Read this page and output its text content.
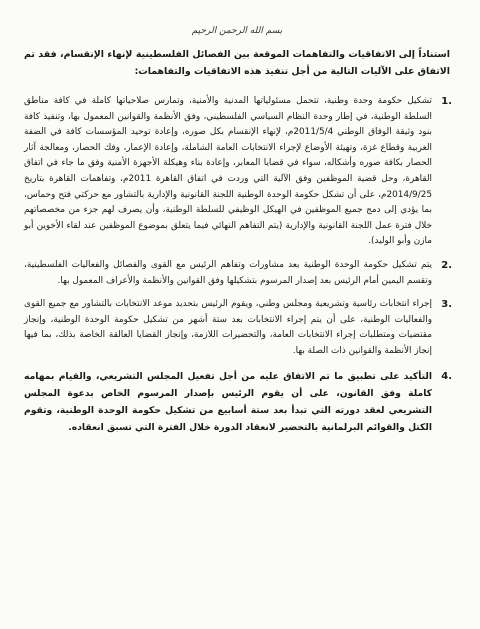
بسم الله الرحمن الرحيم

استناداً إلى الاتفاقيات والتفاهمات الموقعة بين الفصائل الفلسطينية لإنهاء الإنقسام، فقد تم الاتفاق على الآليات التالية من أجل تنفيذ هذه الاتفاقيات والتفاهمات:

1.
تشكيل حكومة وحدة وطنية، تتحمل مسئولياتها المدنية والأمنية، وتمارس صلاحياتها كاملة في كافة مناطق السلطة الوطنية، في إطار وحدة النظام السياسي الفلسطيني، وفق الأنظمة والقوانين المعمول بها، وتنفيذ كافة بنود وثيقة الوفاق الوطني 2011/5/4م، لإنهاء الإنقسام بكل صوره، وإعادة توحيد المؤسسات كافة في الضفة الغربية وقطاع غزة، وتهيئة الأوضاع لإجراء الانتخابات العامة الشاملة، وإعادة الإعمار، وفك الحصار، ومعالجة آثار الحصار بكافة صوره وأشكاله، سواء في قضايا المعابر، وإعادة بناء وهيكلة الأجهزة الأمنية وفق ما جاء في اتفاق القاهرة، وحل قضية الموظفين وفق الآلية التي وردت في اتفاق القاهرة 2011م، وتفاهمات القاهرة بتاريخ 2014/9/25م، على أن تشكل حكومة الوحدة الوطنية اللجنة القانونية والإدارية بالتشاور مع حركتي فتح وحماس، بما يؤدي إلى دمج جميع الموظفين في الهيكل الوظيفي للسلطة الوطنية، وأن يصرف لهم جزء من مخصصاتهم خلال فترة عمل اللجنة القانونية والإدارية (يتم التفاهم النهائي فيما يتعلق بموضوع الموظفين عند لقاء الأخوين أبو مازن وأبو الوليد).
2.
يتم تشكيل حكومة الوحدة الوطنية بعد مشاورات وتفاهم الرئيس مع القوى والفصائل والفعاليات الفلسطينية، وتقسم اليمين أمام الرئيس بعد إصدار المرسوم بتشكيلها وفق القوانين والأنظمة والأعراف المعمول بها.
3.
إجراء انتخابات رئاسية وتشريعية ومجلس وطني، ويقوم الرئيس بتحديد موعد الانتخابات بالتشاور مع جميع القوى والفعاليات الوطنية، على أن يتم إجراء الانتخابات بعد ستة أشهر من تشكيل حكومة الوحدة الوطنية، وإنجاز مقتضيات ومتطلبات إجراء الانتخابات العامة، والتحضيرات اللازمة، وإنجاز القضايا العالقة الخاصة بذلك، بما فيها إنجاز الأنظمة والقوانين ذات الصلة بها.
4.
التأكيد على تطبيق ما تم الاتفاق عليه من أجل تفعيل المجلس التشريعي، والقيام بمهامه كاملة وفق القانون، على أن يقوم الرئيس بإصدار المرسوم الخاص بدعوة المجلس التشريعي لعقد دورته التي تبدأ بعد ستة أسابيع من تشكيل حكومة الوحدة الوطنية، وتقوم الكتل والقوائم البرلمانية بالتحضير لانعقاد الدورة خلال الفترة التي تسبق انعقاده.
